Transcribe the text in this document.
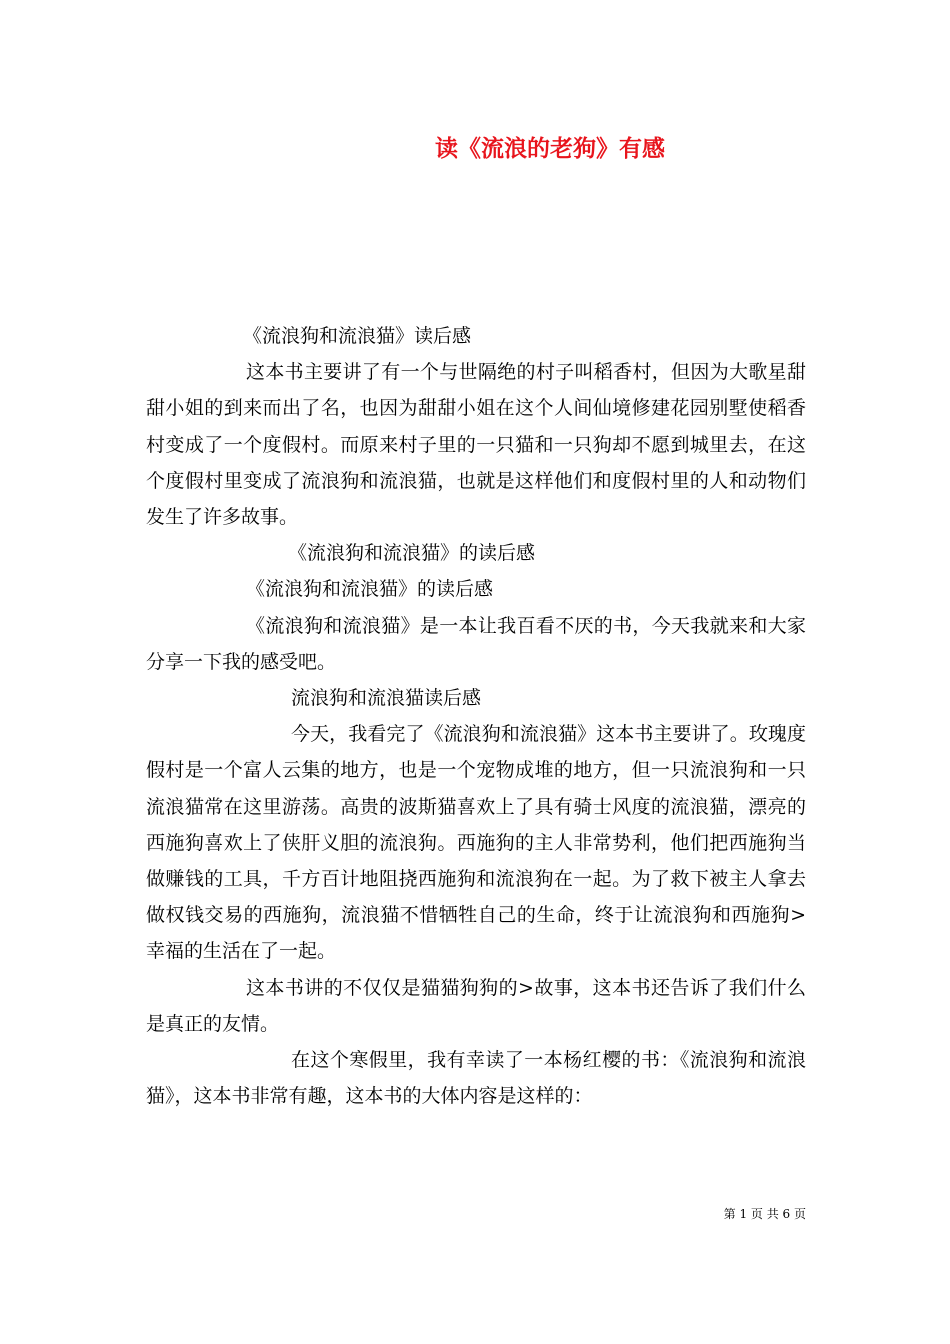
读《流浪的老狗》有感

《流浪狗和流浪猫》读后感

这本书主要讲了有一个与世隔绝的村子叫稻香村，但因为大歌星甜甜小姐的到来而出了名，也因为甜甜小姐在这个人间仙境修建花园别墅使稻香村变成了一个度假村。而原来村子里的一只猫和一只狗却不愿到城里去，在这个度假村里变成了流浪狗和流浪猫，也就是这样他们和度假村里的人和动物们发生了许多故事。

《流浪狗和流浪猫》的读后感

《流浪狗和流浪猫》的读后感

《流浪狗和流浪猫》是一本让我百看不厌的书，今天我就来和大家分享一下我的感受吧。

流浪狗和流浪猫读后感

今天，我看完了《流浪狗和流浪猫》这本书主要讲了。玫瑰度假村是一个富人云集的地方，也是一个宠物成堆的地方，但一只流浪狗和一只流浪猫常在这里游荡。高贵的波斯猫喜欢上了具有骑士风度的流浪猫，漂亮的西施狗喜欢上了侠肝义胆的流浪狗。西施狗的主人非常势利，他们把西施狗当做赚钱的工具，千方百计地阻挠西施狗和流浪狗在一起。为了救下被主人拿去做权钱交易的西施狗，流浪猫不惜牺牲自己的生命，终于让流浪狗和西施狗>幸福的生活在了一起。

这本书讲的不仅仅是猫猫狗狗的>故事，这本书还告诉了我们什么是真正的友情。

在这个寒假里，我有幸读了一本杨红樱的书：《流浪狗和流浪猫》，这本书非常有趣，这本书的大体内容是这样的：

第 1 页 共 6 页
